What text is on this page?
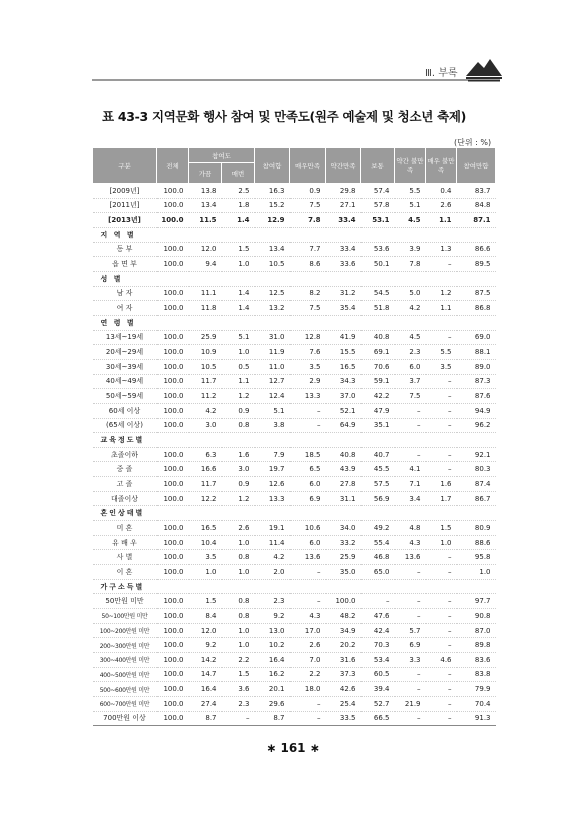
Ⅲ. 부록
표 43-3 지역문화 행사 참여 및 만족도(원주 예술제 및 청소년 축제)
(단위 : %)
구분	전체	참여도		참여함	매우만족	약간만족	보통	약간 불만족	매우 불만족	참여만함
		가끔	매번							
[2009년]	100.0	13.8	2.5	16.3	0.9	29.8	57.4	5.5	0.4	83.7
[2011년]	100.0	13.4	1.8	15.2	7.5	27.1	57.8	5.1	2.6	84.8
[2013년]	100.0	11.5	1.4	12.9	7.8	33.4	53.1	4.5	1.1	87.1
지 역 별										
동 부	100.0	12.0	1.5	13.4	7.7	33.4	53.6	3.9	1.3	86.6
읍 면 부	100.0	9.4	1.0	10.5	8.6	33.6	50.1	7.8	–	89.5
성 별										
남 자	100.0	11.1	1.4	12.5	8.2	31.2	54.5	5.0	1.2	87.5
여 자	100.0	11.8	1.4	13.2	7.5	35.4	51.8	4.2	1.1	86.8
연 령 별										
13세~19세	100.0	25.9	5.1	31.0	12.8	41.9	40.8	4.5	–	69.0
20세~29세	100.0	10.9	1.0	11.9	7.6	15.5	69.1	2.3	5.5	88.1
30세~39세	100.0	10.5	0.5	11.0	3.5	16.5	70.6	6.0	3.5	89.0
40세~49세	100.0	11.7	1.1	12.7	2.9	34.3	59.1	3.7	–	87.3
50세~59세	100.0	11.2	1.2	12.4	13.3	37.0	42.2	7.5	–	87.6
60세 이상	100.0	4.2	0.9	5.1	–	52.1	47.9	–	–	94.9
(65세 이상)	100.0	3.0	0.8	3.8	–	64.9	35.1	–	–	96.2
교육정도별										
초졸이하	100.0	6.3	1.6	7.9	18.5	40.8	40.7	–	–	92.1
중 졸	100.0	16.6	3.0	19.7	6.5	43.9	45.5	4.1	–	80.3
고 졸	100.0	11.7	0.9	12.6	6.0	27.8	57.5	7.1	1.6	87.4
대졸이상	100.0	12.2	1.2	13.3	6.9	31.1	56.9	3.4	1.7	86.7
혼인상태별										
미 혼	100.0	16.5	2.6	19.1	10.6	34.0	49.2	4.8	1.5	80.9
유 배 우	100.0	10.4	1.0	11.4	6.0	33.2	55.4	4.3	1.0	88.6
사 별	100.0	3.5	0.8	4.2	13.6	25.9	46.8	13.6	–	95.8
이 혼	100.0	1.0	1.0	2.0	–	35.0	65.0	–	–	1.0
가구소득별										
50만원 미만	100.0	1.5	0.8	2.3	–	100.0	–	–	–	97.7
50~100만원 미만	100.0	8.4	0.8	9.2	4.3	48.2	47.6	–	–	90.8
100~200만원 미만	100.0	12.0	1.0	13.0	17.0	34.9	42.4	5.7	–	87.0
200~300만원 미만	100.0	9.2	1.0	10.2	2.6	20.2	70.3	6.9	–	89.8
300~400만원 미만	100.0	14.2	2.2	16.4	7.0	31.6	53.4	3.3	4.6	83.6
400~500만원 미만	100.0	14.7	1.5	16.2	2.2	37.3	60.5	–	–	83.8
500~600만원 미만	100.0	16.4	3.6	20.1	18.0	42.6	39.4	–	–	79.9
600~700만원 미만	100.0	27.4	2.3	29.6	–	25.4	52.7	21.9	–	70.4
700만원 이상	100.0	8.7	–	8.7	–	33.5	66.5	–	–	91.3
∗ 161 ∗
